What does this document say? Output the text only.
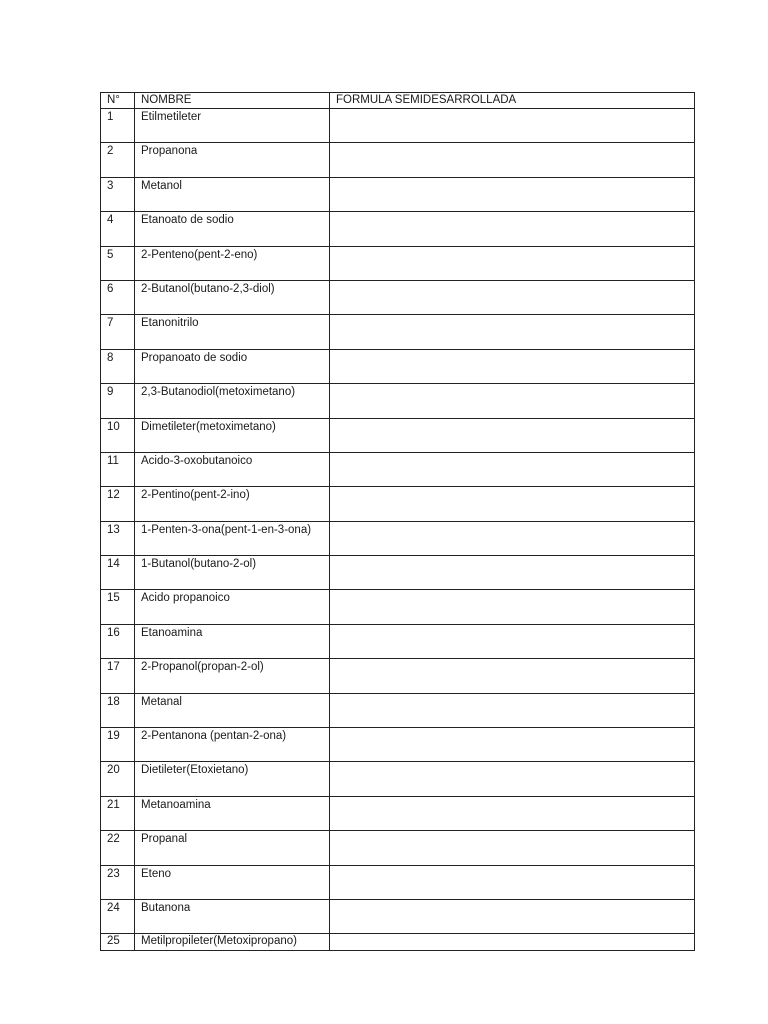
N°	NOMBRE	FORMULA SEMIDESARROLLADA
1	Etilmetileter	
2	Propanona	
3	Metanol	
4	Etanoato de sodio	
5	2-Penteno(pent-2-eno)	
6	2-Butanol(butano-2,3-diol)	
7	Etanonitrilo	
8	Propanoato de sodio	
9	2,3-Butanodiol(metoximetano)	
10	Dimetileter(metoximetano)	
11	Acido-3-oxobutanoico	
12	2-Pentino(pent-2-ino)	
13	1-Penten-3-ona(pent-1-en-3-ona)	
14	1-Butanol(butano-2-ol)	
15	Acido propanoico	
16	Etanoamina	
17	2-Propanol(propan-2-ol)	
18	Metanal	
19	2-Pentanona (pentan-2-ona)	
20	Dietileter(Etoxietano)	
21	Metanoamina	
22	Propanal	
23	Eteno	
24	Butanona	
25	Metilpropileter(Metoxipropano)	
